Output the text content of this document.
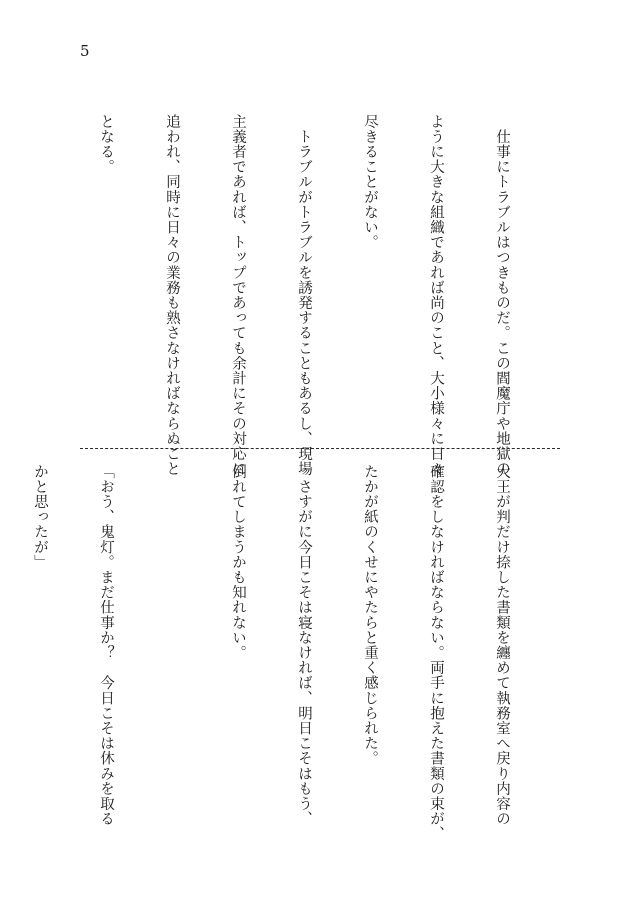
5

　仕事にトラブルはつきものだ。この閻魔庁や地獄の

ように大きな組織であれば尚のこと、大小様々に日々

尽きることがない。

　トラブルがトラブルを誘発することもあるし、現場

主義者であれば、トップであっても余計にその対応に

追われ、同時に日々の業務も熟さなければならぬこと

となる。

大王が判だけ捺した書類を纏めて執務室へ戻り内容の

確認をしなければならない。両手に抱えた書類の束が、

たかが紙のくせにやたらと重く感じられた。

　さすがに今日こそは寝なければ、明日こそはもう、

倒れてしまうかも知れない。

「おう、鬼灯。まだ仕事か？　今日こそは休みを取る

かと思ったが」
